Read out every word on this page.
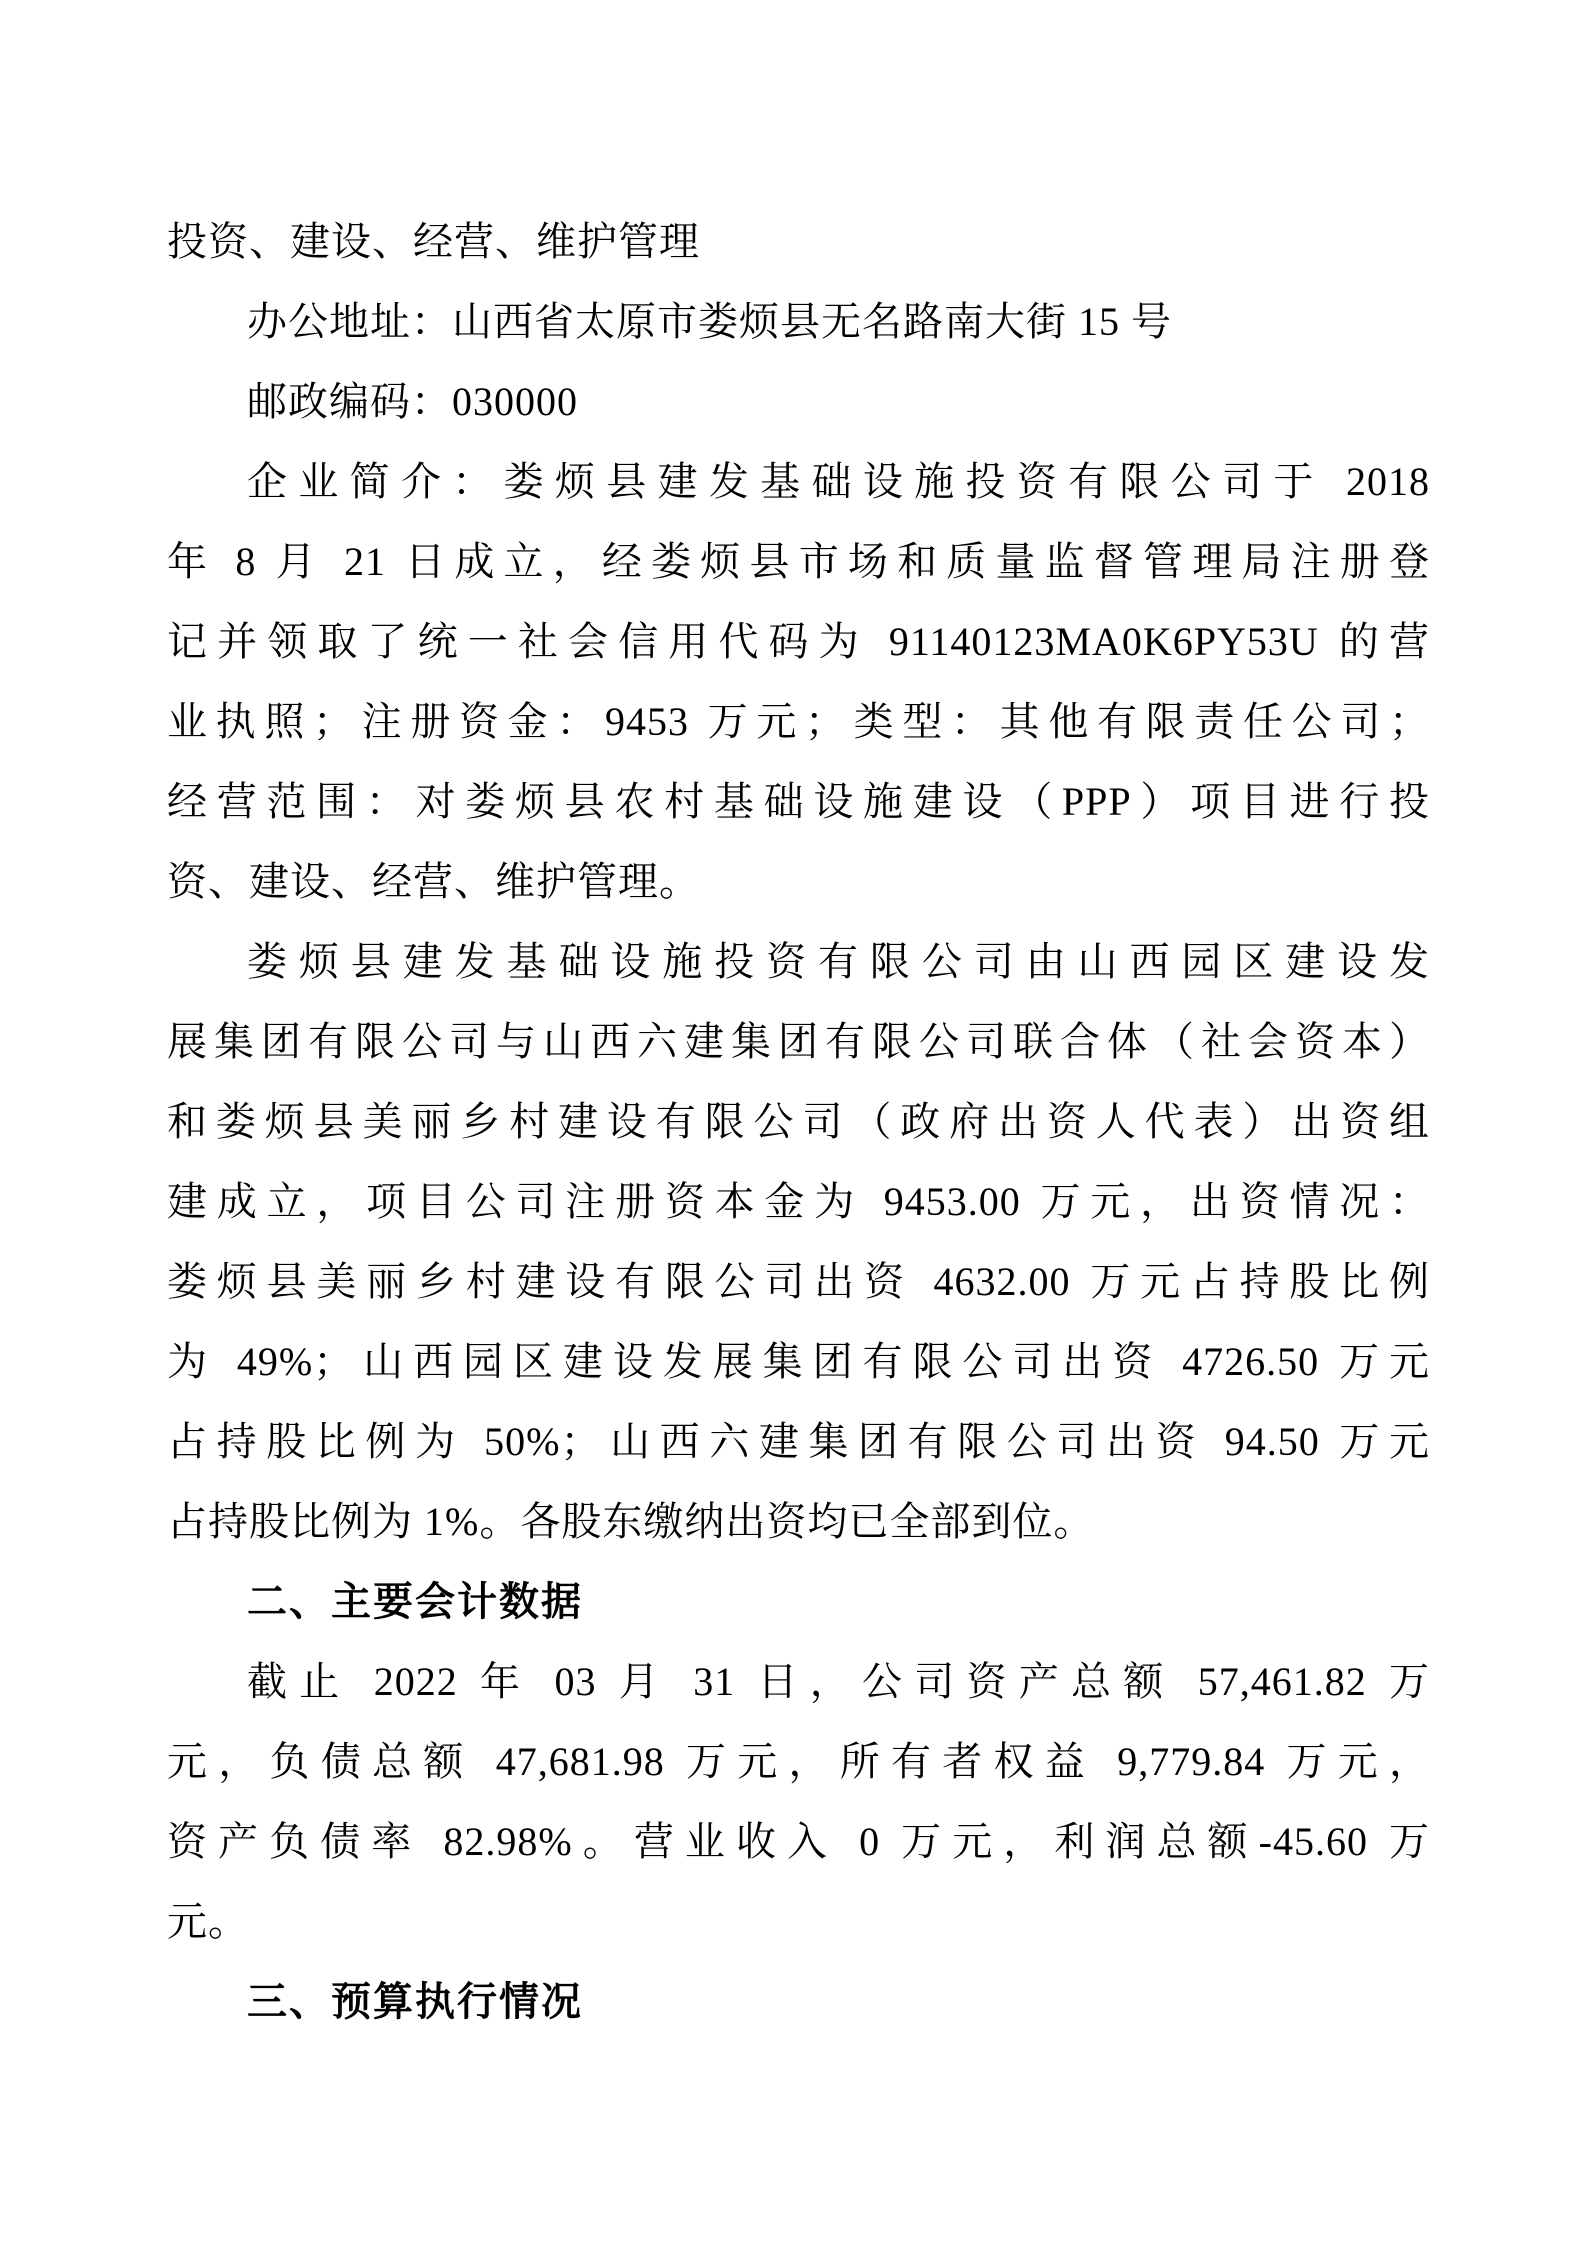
投资、建设、经营、维护管理
办公地址：山西省太原市娄烦县无名路南大街 15 号
邮政编码：030000
企业简介：娄烦县建发基础设施投资有限公司于 2018
年 8 月 21 日成立，经娄烦县市场和质量监督管理局注册登
记并领取了统一社会信用代码为 91140123MA0K6PY53U 的营
业执照；注册资金：9453 万元；类型：其他有限责任公司；
经营范围：对娄烦县农村基础设施建设（PPP）项目进行投
资、建设、经营、维护管理。
娄烦县建发基础设施投资有限公司由山西园区建设发
展集团有限公司与山西六建集团有限公司联合体（社会资本）
和娄烦县美丽乡村建设有限公司（政府出资人代表）出资组
建成立，项目公司注册资本金为 9453.00 万元，出资情况：
娄烦县美丽乡村建设有限公司出资 4632.00 万元占持股比例
为 49%；山西园区建设发展集团有限公司出资 4726.50 万元
占持股比例为 50%；山西六建集团有限公司出资 94.50 万元
占持股比例为 1%。各股东缴纳出资均已全部到位。
二、主要会计数据
截止 2022 年 03 月 31 日，公司资产总额 57,461.82 万
元，负债总额 47,681.98 万元，所有者权益 9,779.84 万元，
资产负债率 82.98%。营业收入 0 万元，利润总额-45.60 万
元。
三、预算执行情况
